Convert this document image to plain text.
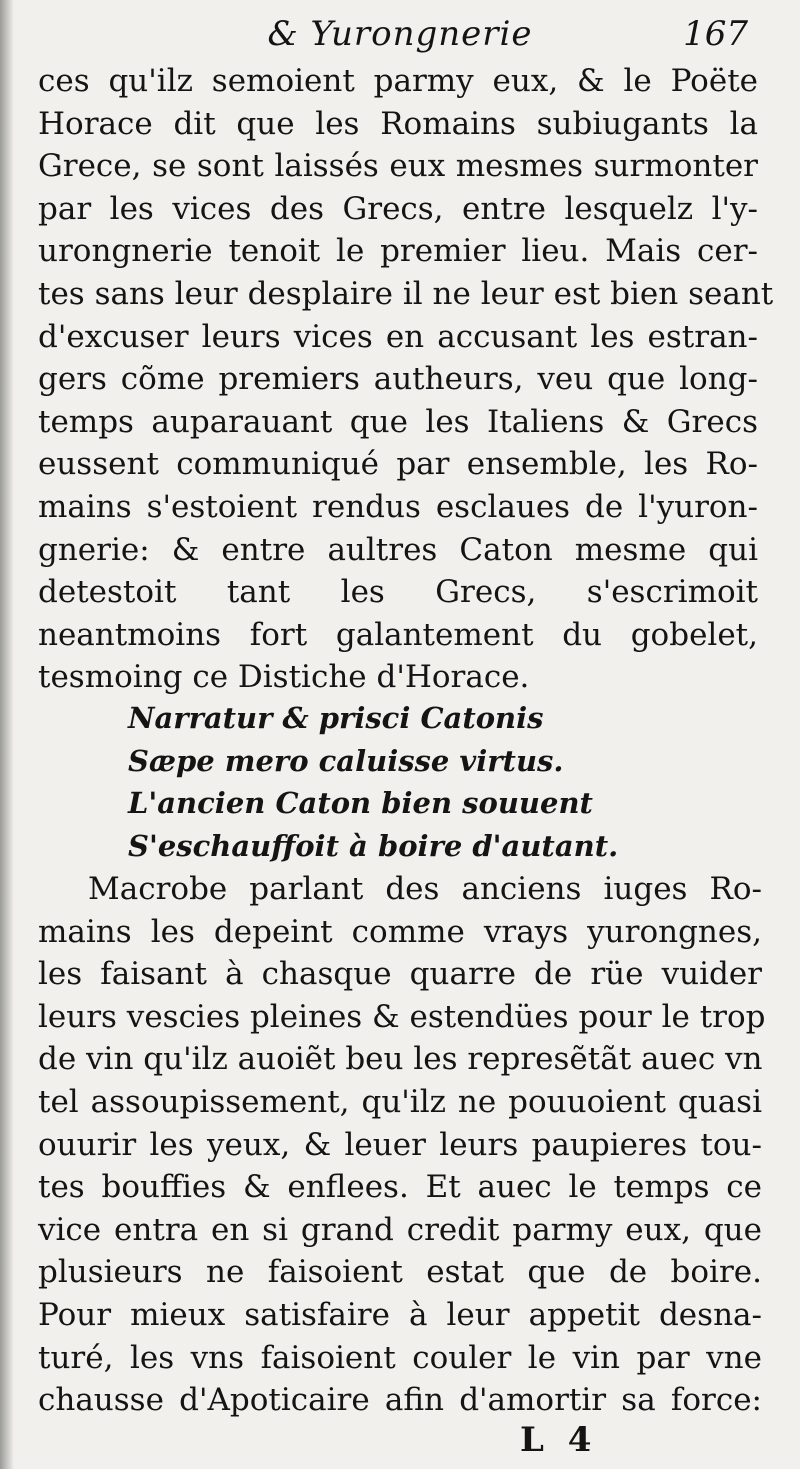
& Yurongnerie	167
ces qu'ilz semoient parmy eux, & le Poëte
Horace dit que les Romains subiugants la
Grece, se sont laissés eux mesmes surmonter
par les vices des Grecs, entre lesquelz l'y-
urongnerie tenoit le premier lieu. Mais cer-
tes sans leur desplaire il ne leur est bien seant
d'excuser leurs vices en accusant les estran-
gers cõme premiers autheurs, veu que long-
temps auparauant que les Italiens & Grecs
eussent communiqué par ensemble, les Ro-
mains s'estoient rendus esclaues de l'yuron-
gnerie: & entre aultres Caton mesme qui
detestoit tant les Grecs, s'escrimoit
neantmoins fort galantement du gobelet,
tesmoing ce Distiche d'Horace.
Narratur & prisci Catonis
Sæpe mero caluisse virtus.
L'ancien Caton bien souuent
S'eschauffoit à boire d'autant.
Macrobe parlant des anciens iuges Ro-
mains les depeint comme vrays yurongnes,
les faisant à chasque quarre de rüe vuider
leurs vescies pleines & estendües pour le trop
de vin qu'ilz auoiẽt beu les represẽtãt auec vn
tel assoupissement, qu'ilz ne pouuoient quasi
ouurir les yeux, & leuer leurs paupieres tou-
tes bouffies & enflees. Et auec le temps ce
vice entra en si grand credit parmy eux, que
plusieurs ne faisoient estat que de boire.
Pour mieux satisfaire à leur appetit desna-
turé, les vns faisoient couler le vin par vne
chausse d'Apoticaire afin d'amortir sa force:
L 4
